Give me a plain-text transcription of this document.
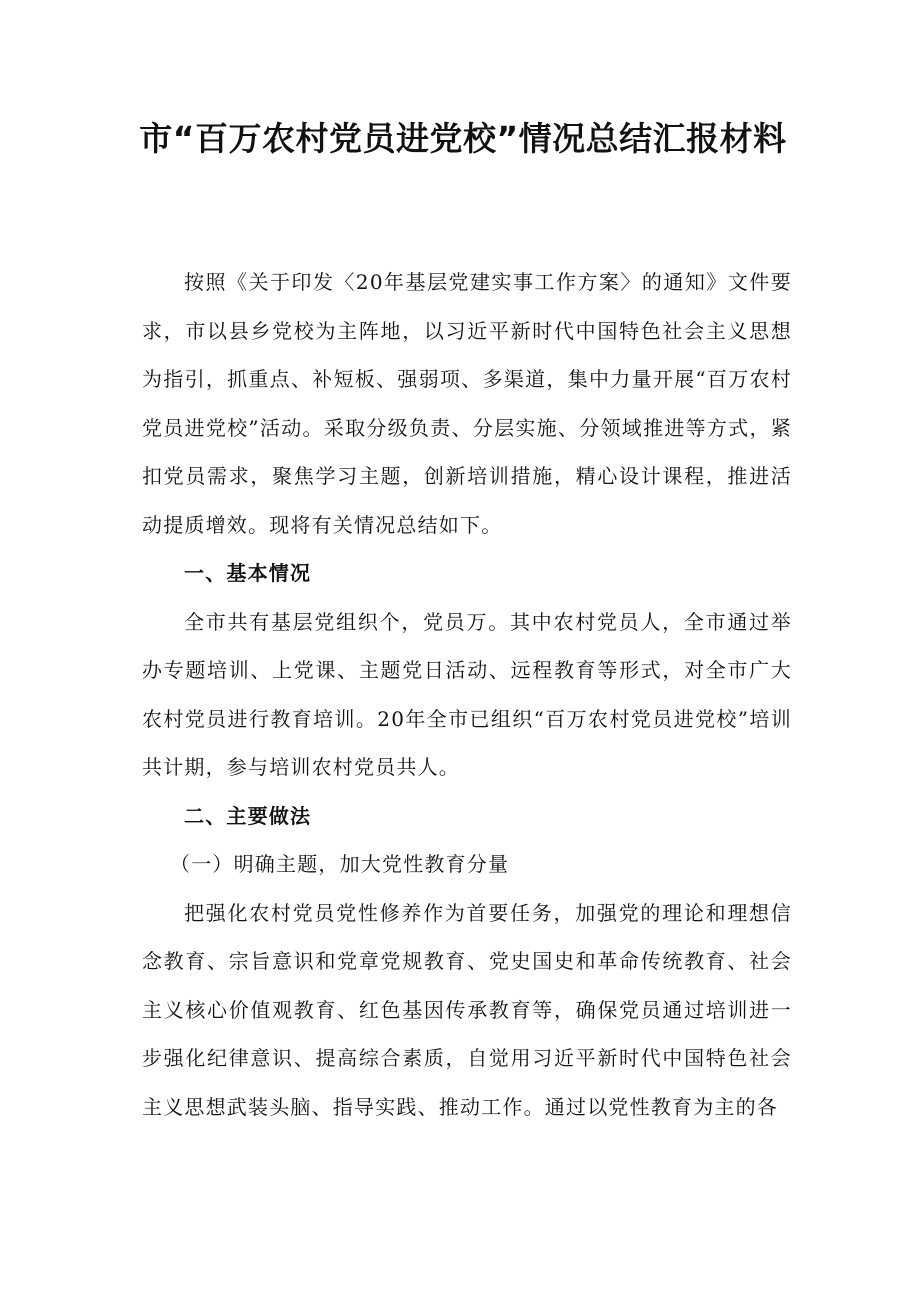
市“百万农村党员进党校”情况总结汇报材料

按照《关于印发〈20年基层党建实事工作方案〉的通知》文件要求，市以县乡党校为主阵地，以习近平新时代中国特色社会主义思想为指引，抓重点、补短板、强弱项、多渠道，集中力量开展“百万农村党员进党校”活动。采取分级负责、分层实施、分领域推进等方式，紧扣党员需求，聚焦学习主题，创新培训措施，精心设计课程，推进活动提质增效。现将有关情况总结如下。

一、基本情况

全市共有基层党组织个，党员万。其中农村党员人，全市通过举办专题培训、上党课、主题党日活动、远程教育等形式，对全市广大农村党员进行教育培训。20年全市已组织“百万农村党员进党校”培训共计期，参与培训农村党员共人。

二、主要做法

（一）明确主题，加大党性教育分量

把强化农村党员党性修养作为首要任务，加强党的理论和理想信念教育、宗旨意识和党章党规教育、党史国史和革命传统教育、社会主义核心价值观教育、红色基因传承教育等，确保党员通过培训进一步强化纪律意识、提高综合素质，自觉用习近平新时代中国特色社会主义思想武装头脑、指导实践、推动工作。通过以党性教育为主的各
